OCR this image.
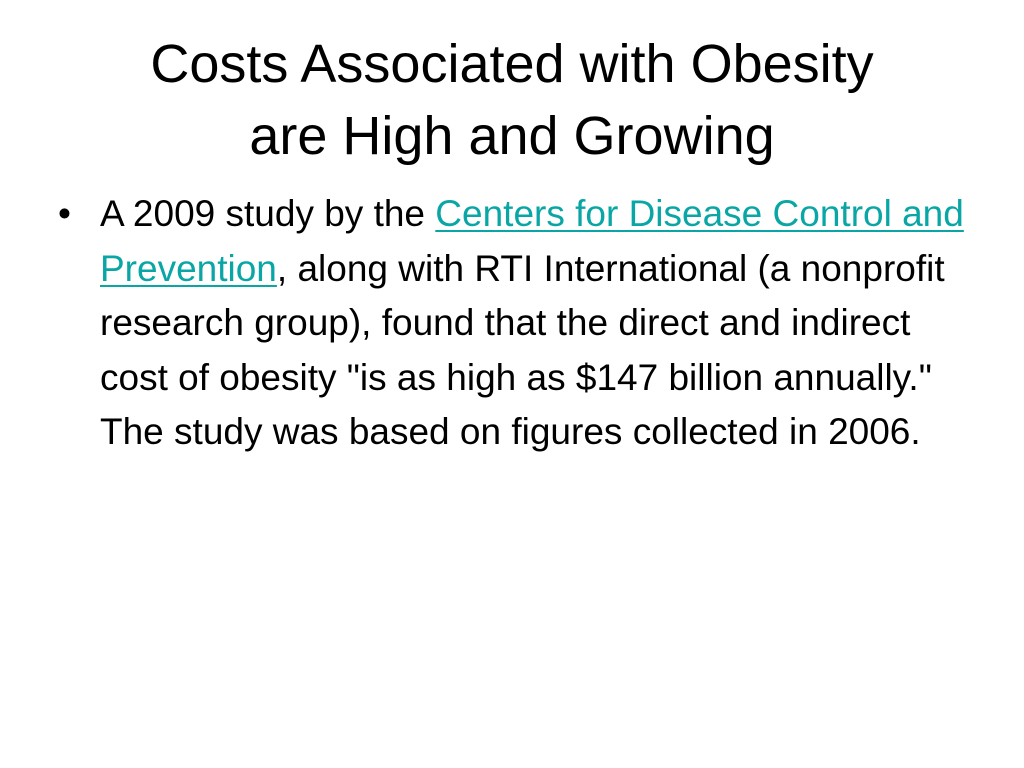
Costs Associated with Obesity
are High and Growing
• A 2009 study by the Centers for Disease Control and Prevention, along with RTI International (a nonprofit research group), found that the direct and indirect cost of obesity "is as high as $147 billion annually." The study was based on figures collected in 2006.
